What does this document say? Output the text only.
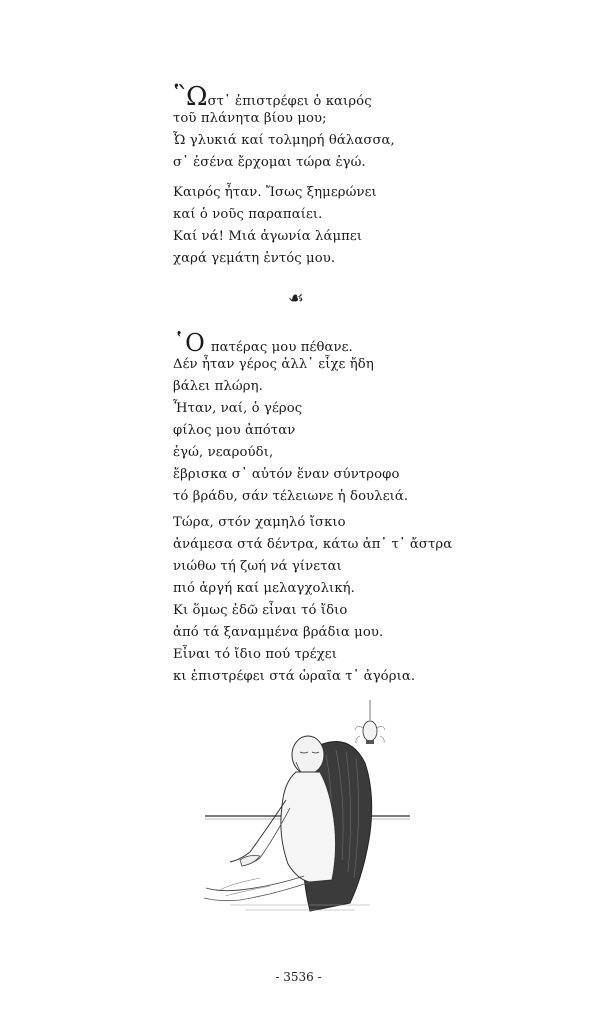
῝Ωστ᾽ ἐπιστρέφει ὁ καιρός
τοῦ πλάνητα βίου μου;
Ὦ γλυκιά καί τολμηρή θάλασσα,
σ᾽ ἐσένα ἔρχομαι τώρα ἐγώ.
Καιρός ἦταν. Ἴσως ξημερώνει
καί ὁ νοῦς παραπαίει.
Καί νά! Μιά ἀγωνία λάμπει
χαρά γεμάτη ἐντός μου.
☙
῾Ο πατέρας μου πέθανε.
Δέν ἦταν γέρος ἀλλ᾽ εἶχε ἤδη
βάλει πλώρη.
Ἦταν, ναί, ὁ γέρος
φίλος μου ἀπόταν
ἐγώ, νεαρούδι,
ἔβρισκα σ᾽ αὐτόν ἕναν σύντροφο
τό βράδυ, σάν τέλειωνε ἡ δουλειά.
Τώρα, στόν χαμηλό ἴσκιο
ἀνάμεσα στά δέντρα, κάτω ἀπ᾽ τ᾽ ἄστρα
νιώθω τή ζωή νά γίνεται
πιό ἀργή καί μελαγχολική.
Κι ὅμως ἐδῶ εἶναι τό ἴδιο
ἀπό τά ξαναμμένα βράδια μου.
Εἶναι τό ἴδιο πού τρέχει
κι ἐπιστρέφει στά ὡραῖα τ᾽ ἀγόρια.
- 3536 -
